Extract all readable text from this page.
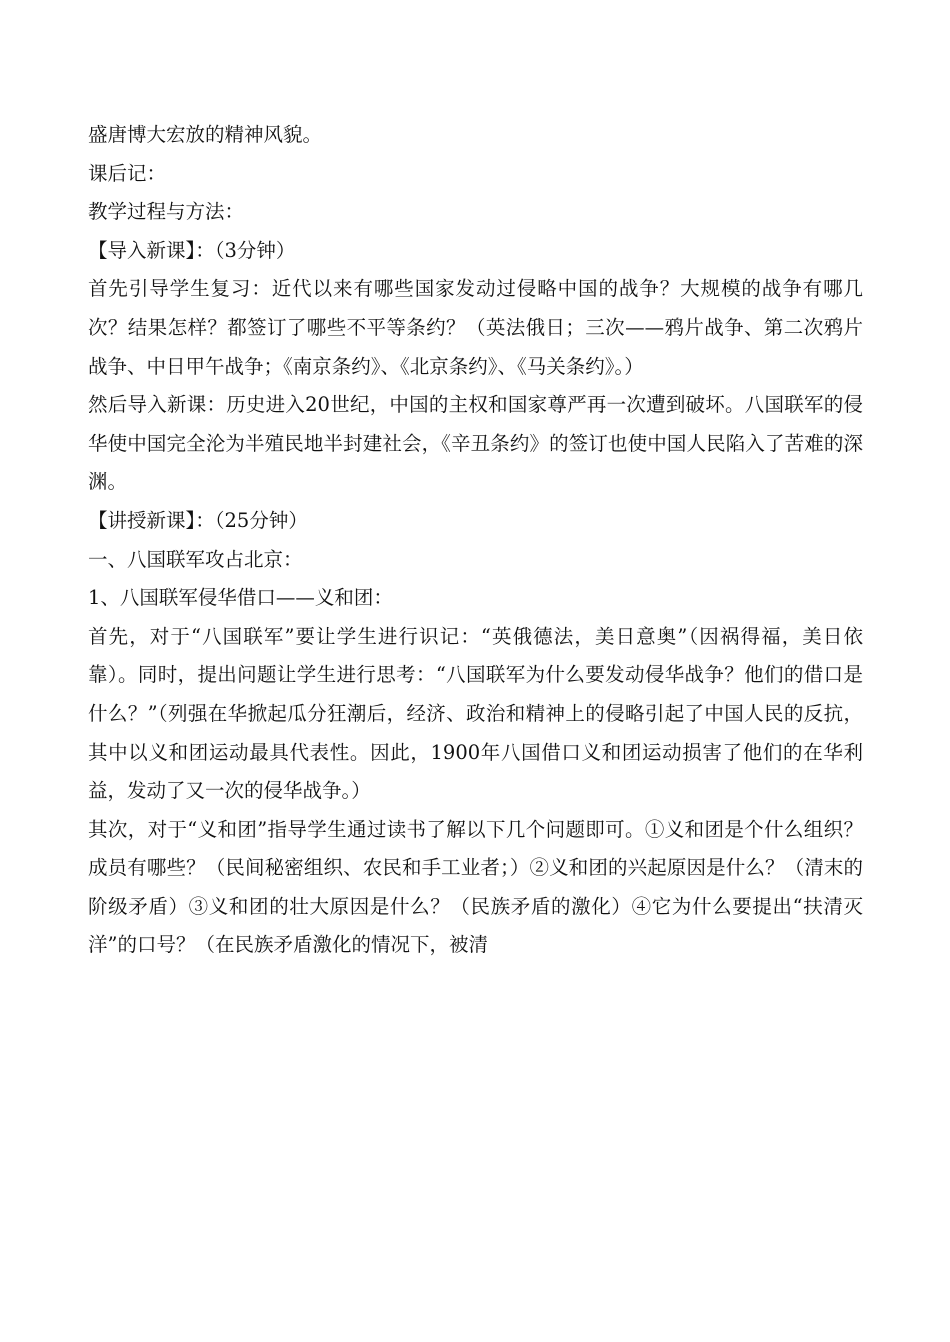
盛唐博大宏放的精神风貌。

课后记：

教学过程与方法：

【导入新课】：（3分钟）

首先引导学生复习：近代以来有哪些国家发动过侵略中国的战争？大规模的战争有哪几次？结果怎样？都签订了哪些不平等条约？（英法俄日；三次——鸦片战争、第二次鸦片战争、中日甲午战争；《南京条约》、《北京条约》、《马关条约》。）

然后导入新课：历史进入20世纪，中国的主权和国家尊严再一次遭到破坏。八国联军的侵华使中国完全沦为半殖民地半封建社会，《辛丑条约》的签订也使中国人民陷入了苦难的深渊。

【讲授新课】：（25分钟）

一、八国联军攻占北京：

1、八国联军侵华借口——义和团：

首先，对于“八国联军”要让学生进行识记：“英俄德法，美日意奥”（因祸得福，美日依靠）。同时，提出问题让学生进行思考：“八国联军为什么要发动侵华战争？他们的借口是什么？”（列强在华掀起瓜分狂潮后，经济、政治和精神上的侵略引起了中国人民的反抗，其中以义和团运动最具代表性。因此，1900年八国借口义和团运动损害了他们的在华利益，发动了又一次的侵华战争。）

其次，对于“义和团”指导学生通过读书了解以下几个问题即可。①义和团是个什么组织？成员有哪些？（民间秘密组织、农民和手工业者；）②义和团的兴起原因是什么？（清末的阶级矛盾）③义和团的壮大原因是什么？（民族矛盾的激化）④它为什么要提出“扶清灭洋”的口号？（在民族矛盾激化的情况下，被清
